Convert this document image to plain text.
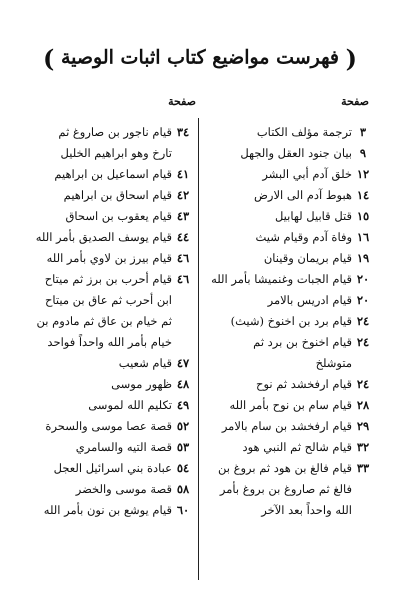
( فهرست مواضيع كتاب اثبات الوصية )
صفحة
صفحة
٣
ترجمة مؤلف الكتاب
٩
بيان جنود العقل والجهل
١٢
خلق آدم أبي البشر
١٤
هبوط آدم الى الارض
١٥
قتل قابيل لهابيل
١٦
وفاة آدم وقيام شيث
١٩
قيام بريمان وقينان
٢٠
قيام الجبات وغنميشا بأمر الله
٢٠
قيام ادريس بالامر
٢٤
قيام برد بن اخنوخ (شيث)
٢٤
قيام اخنوخ بن برد ثم
متوشلخ
٢٤
قيام ارفخشد ثم نوح
٢٨
قيام سام بن نوح بأمر الله
٢٩
قيام ارفخشد بن سام بالامر
٣٢
قيام شالح ثم النبي هود
٣٣
قيام فالغ بن هود ثم بروغ بن
فالغ ثم صاروغ بن بروغ بأمر
الله واحداً بعد الآخر
٣٤
قيام ناجور بن صاروغ ثم
تارخ وهو ابراهيم الخليل
٤١
قيام اسماعيل بن ابراهيم
٤٢
قيام اسحاق بن ابراهيم
٤٣
قيام يعقوب بن اسحاق
٤٤
قيام يوسف الصديق بأمر الله
٤٦
قيام بيرز بن لاوي بأمر الله
٤٦
قيام أحرب بن برز ثم ميتاح
ابن أحرب ثم عاق بن ميتاح
ثم خيام بن عاق ثم مادوم بن
خيام بأمر الله واحداً فواحد
٤٧
قيام شعيب
٤٨
ظهور موسى
٤٩
تكليم الله لموسى
٥٢
قصة عصا موسى والسحرة
٥٣
قصة التيه والسامري
٥٤
عبادة بني اسرائيل العجل
٥٨
قصة موسى والخضر
٦٠
قيام يوشع بن نون بأمر الله
